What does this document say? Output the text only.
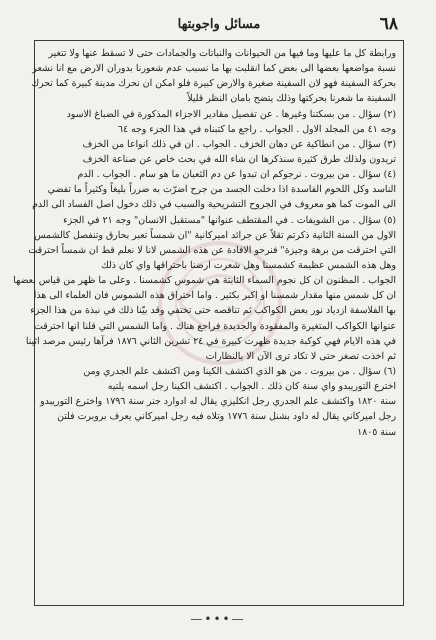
مسائل واجوبتها	٦٨
ورابطة كل ما عليها وما فيها من الحيوانات والنباتات والجمادات حتى لا تسقط عنها ولا تتغير
نسبة مواضعها بعضها الى بعض كما انقلبت بها ما نسبب عدم شعورنا بدوران الارض مع انا نشعر
بحركة السفينة فهو لان السفينة صغيرة والارض كبيرة فلو امكن ان نحرك مدينة كبيرة كما تحرك
السفينة ما شعرنا بحركتها وذلك يتضح بامان النظر قليلاً
(٢) سؤال . من بسكتنا وغيرها . عن تفصيل مقادير الاجزاء المذكورة في الضباغ الاسود
وجه ٤١ من المجلد الاول . الجواب . راجع ما كتبناه في هذا الجزء وجه ٦٤
(٣) سؤال . من انطاكية عن دهان الخزف . الجواب . ان في ذلك انواعا من الخزف
تريدون ولذلك طرق كثيرة سنذكرها ان شاء الله في بحث خاص عن صناعة الخزف
(٤) سؤال . من بيروت . نرجوكم ان تبدوا عن دم الثعبان ما هو سام . الجواب . الدم
الناسد وكل اللحوم الفاسدة اذا دخلت الجسد من جرح اضرّت به ضرراً بليغاً وكثيراً ما تفضي
الى الموت كما هو معروف في الجروح التشريحية والسبب في ذلك دخول اصل الفساد الى الدم
(٥) سؤال . من الشويفات . في المقتطف عنوانها "مستقبل الانسان" وجه ٢١ في الجزء
الاول من السنة الثانية ذكرتم تقلاً عن جرائد اميركانية "ان شمساً تعبر بحارق وتنفصل كالشمس
التي احترقت من برهة وجيزة" فنرجو الافادة عن هذه الشمس لانا لا نعلم قط ان شمساً احترقت
وهل هذه الشمس عظيمة كشمسنا وهل شعرت ارضنا باحتراقها واي كان ذلك
الجواب . المظنون ان كل نجوم السماء الثابتة هي شموس كشمسنا . وعلى ما ظهر من قياس بعضها
ان كل شمس منها مقدار شمسنا او اكبر بكثير . واما احتراق هذه الشموس فان العلماء الى هذا
بها الفلاسفة ازدياد نور بعض الكواكب ثم تناقصه حتى تختفي وقد بيّنا ذلك في نبذة من هذا الجزء
عنوانها الكواكب المتغيرة والمفقودة والجديدة فراجع هناك . واما الشمس التي قلنا انها احترقت
في هذه الايام فهي كوكبة جديدة ظهرت كبيرة في ٢٤ تشرين الثاني ١٨٧٦ فرآها رئيس مرصد اثينا
ثم اخذت تصغر حتى لا تكاد ترى الآن الا بالنظارات
(٦) سؤال . من بيروت . من هو الذي اكتشف الكينا ومن اكتشف علم الجدري ومن
اخترع التوريبدو واي سنة كان ذلك . الجواب . اكتشف الكينا رجل اسمه يلتيه
سنة ١٨٢٠ واكتشف علم الجدري رجل انكليزي يقال له ادوارد جنر سنة ١٧٩٦ واخترع التوريبدو
رجل اميركاني يقال له داود بشنل سنة ١٧٧٦ وتلاه فيه رجل اميركاني يعرف بروبرت فلتن
سنة ١٨٠٥
—•••—
